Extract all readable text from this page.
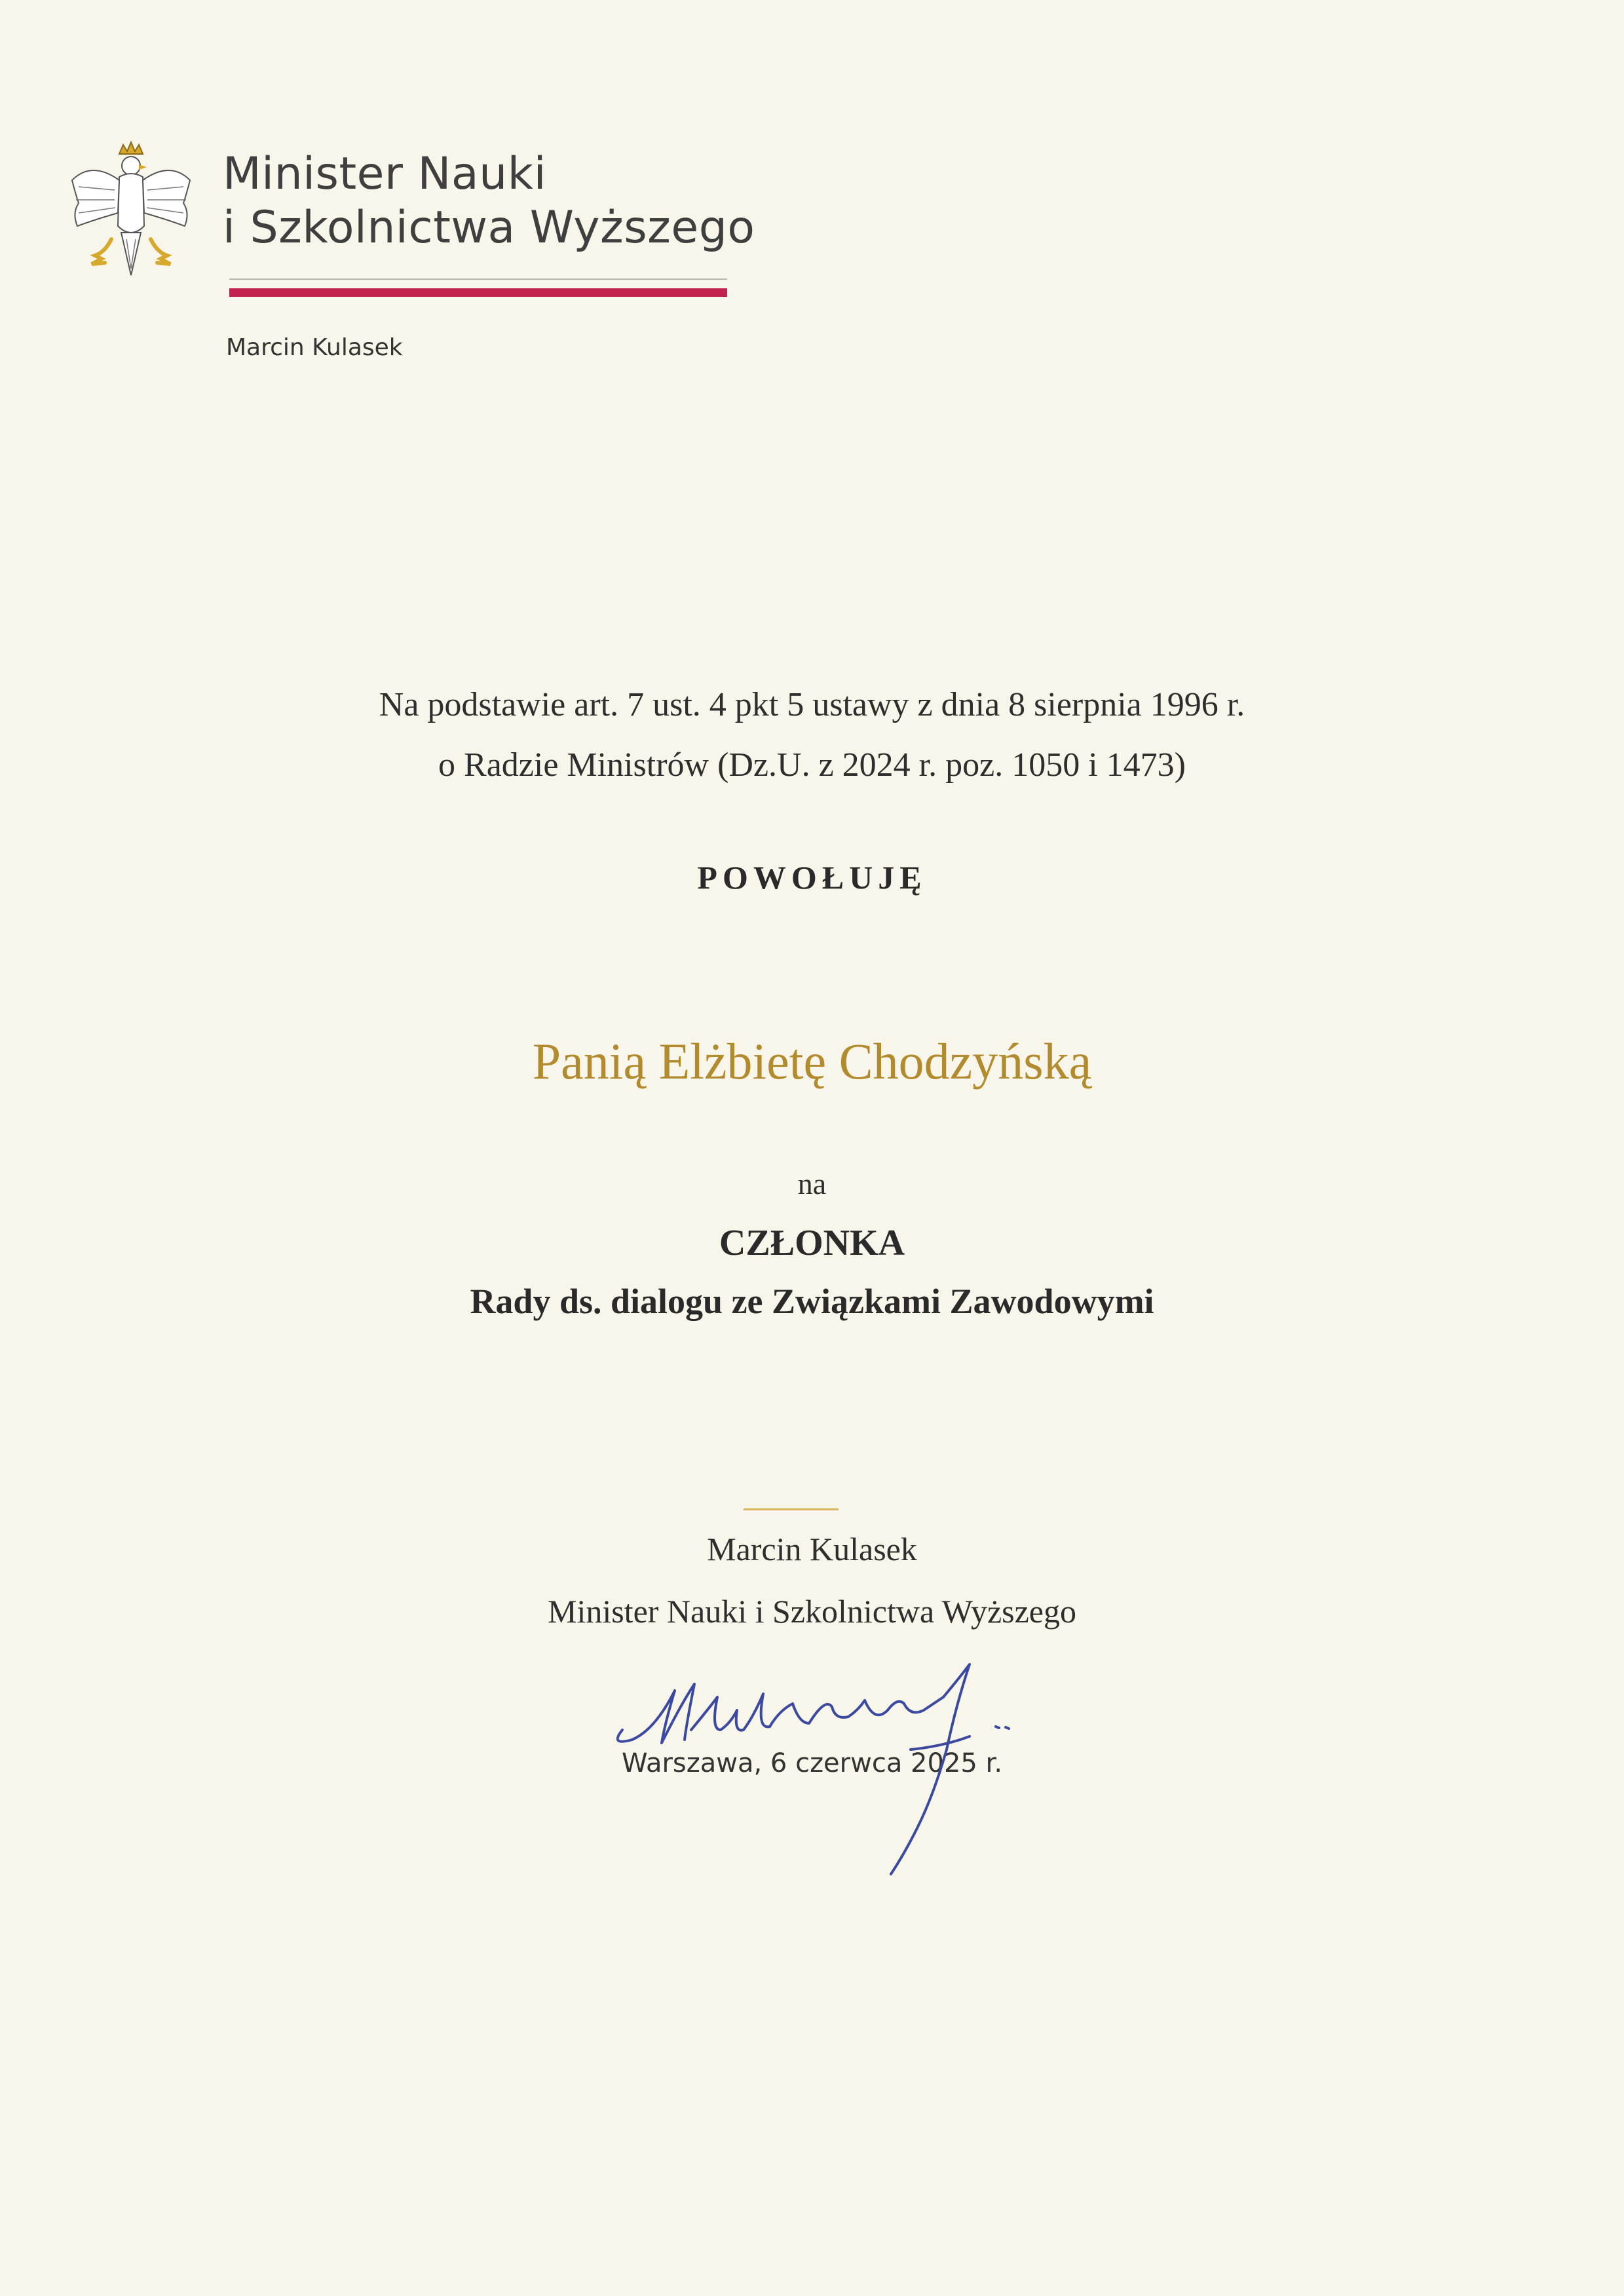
Minister Nauki
i Szkolnictwa Wyższego
Marcin Kulasek
Na podstawie art. 7 ust. 4 pkt 5 ustawy z dnia 8 sierpnia 1996 r.
o Radzie Ministrów (Dz.U. z 2024 r. poz. 1050 i 1473)
POWOŁUJĘ
Panią Elżbietę Chodzyńską
na
CZŁONKA
Rady ds. dialogu ze Związkami Zawodowymi
Marcin Kulasek
Minister Nauki i Szkolnictwa Wyższego
Warszawa, 6 czerwca 2025 r.
